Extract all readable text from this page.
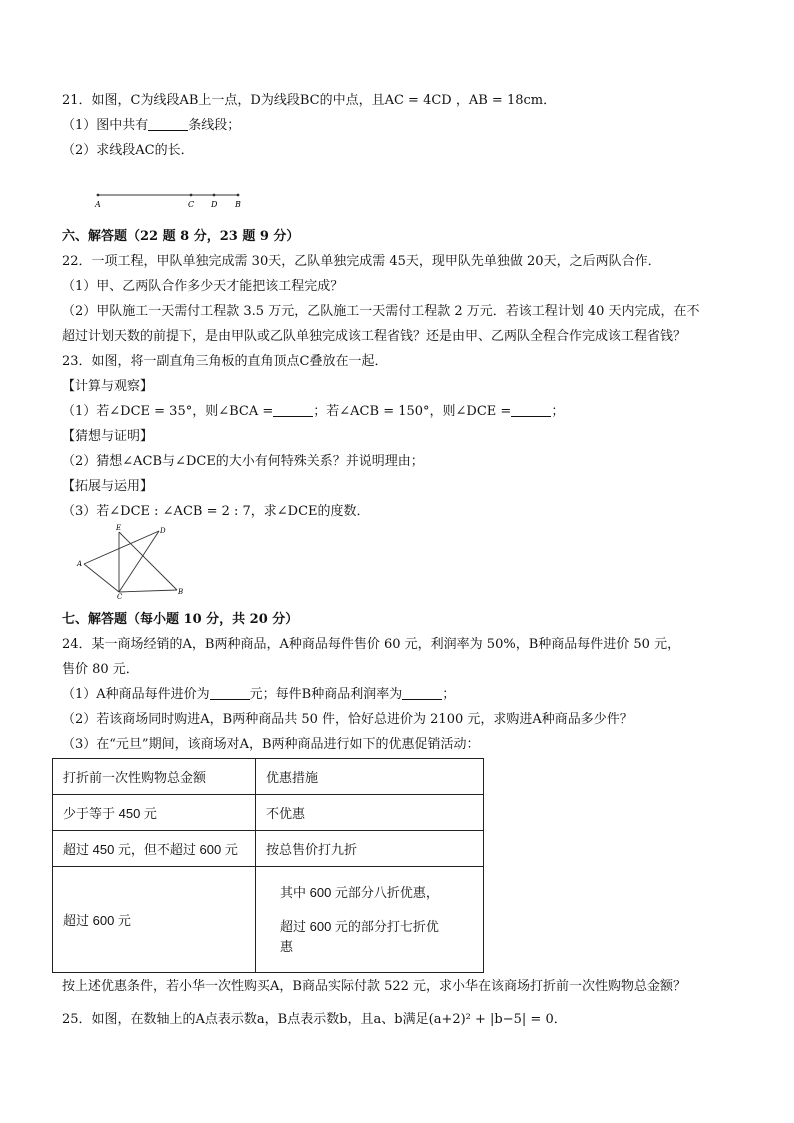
21．如图，C为线段AB上一点，D为线段BC的中点，且AC = 4CD ，AB = 18cm．
（1）图中共有	条线段；
（2）求线段AC的长．
A	C D B
六、解答题（22 题 8 分，23 题 9 分）
22．一项工程，甲队单独完成需 30天，乙队单独完成需 45天，现甲队先单独做 20天，之后两队合作．
（1）甲、乙两队合作多少天才能把该工程完成？
（2）甲队施工一天需付工程款 3.5 万元，乙队施工一天需付工程款 2 万元．若该工程计划 40 天内完成，在不
超过计划天数的前提下，是由甲队或乙队单独完成该工程省钱？还是由甲、乙两队全程合作完成该工程省钱？
23．如图，将一副直角三角板的直角顶点C叠放在一起．
【计算与观察】
（1）若∠DCE = 35°，则∠BCA =	；若∠ACB = 150°，则∠DCE =	；
【猜想与证明】
（2）猜想∠ACB与∠DCE的大小有何特殊关系？并说明理由；
【拓展与运用】
（3）若∠DCE : ∠ACB = 2 : 7，求∠DCE的度数．
E	D
A
C
B
七、解答题（每小题 10 分，共 20 分）
24．某一商场经销的A，B两种商品，A种商品每件售价 60 元，利润率为 50%，B种商品每件进价 50 元，
售价 80 元．
（1）A种商品每件进价为	元；每件B种商品利润率为	；
（2）若该商场同时购进A，B两种商品共 50 件，恰好总进价为 2100 元，求购进A种商品多少件？
（3）在“元旦”期间，该商场对A，B两种商品进行如下的优惠促销活动：
打折前一次性购物总金额	优惠措施
少于等于 450 元	不优惠
超过 450 元，但不超过 600 元	按总售价打九折
超过 600 元	其中 600 元部分八折优惠，
超过 600 元的部分打七折优
惠
按上述优惠条件，若小华一次性购买A，B商品实际付款 522 元，求小华在该商场打折前一次性购物总金额？
25．如图，在数轴上的A点表示数a，B点表示数b，且a、b满足(a+2)² + |b−5| = 0．
